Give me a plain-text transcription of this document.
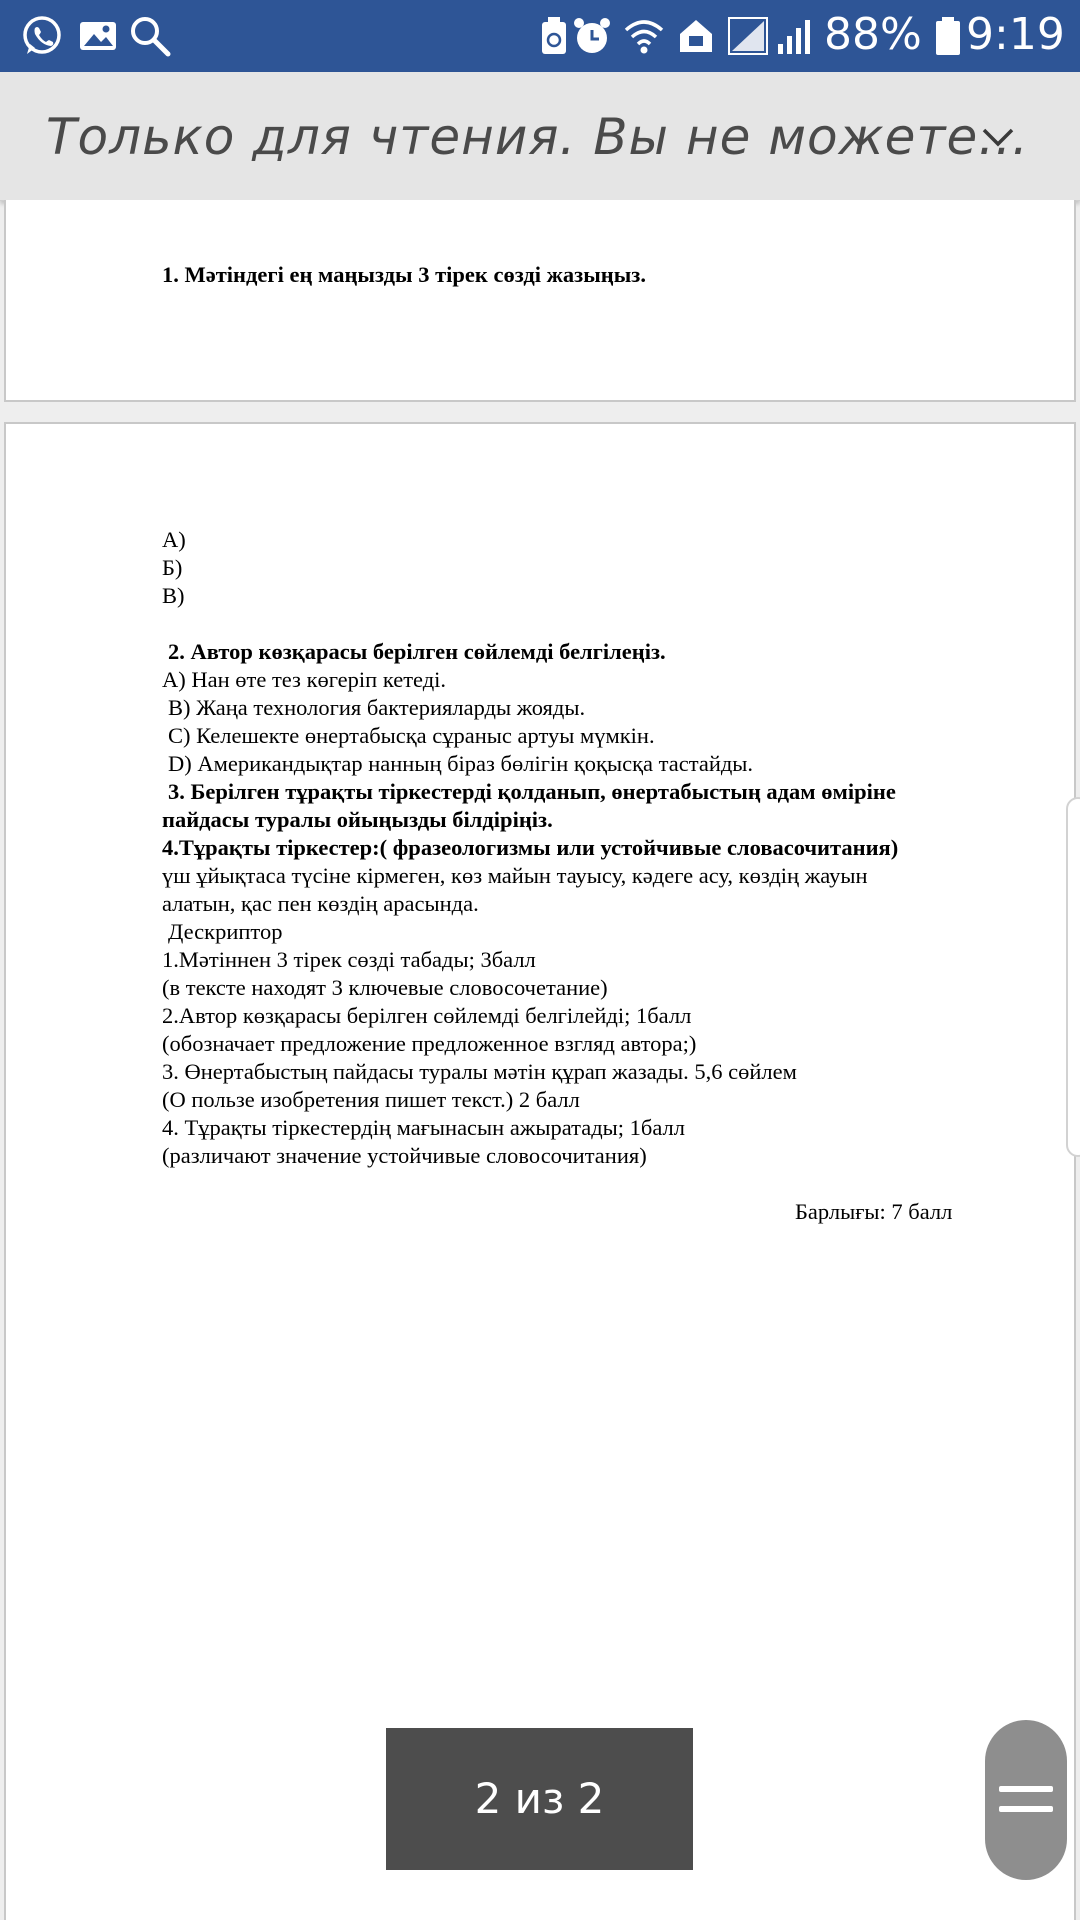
88% 9:19
Только для чтения. Вы не можете...
1. Мәтіндегі ең маңызды 3 тірек сөзді жазыңыз.
А)
Б)
В)
2. Автор көзқарасы берілген сөйлемді белгілеңіз.
А) Нан өте тез көгеріп кетеді.
В) Жаңа технология бактерияларды жояды.
С) Келешекте өнертабысқа сұраныс артуы мүмкін.
D) Американдықтар нанның біраз бөлігін қоқысқа тастайды.
3. Берілген тұрақты тіркестерді қолданып, өнертабыстың адам өміріне
пайдасы туралы ойыңызды білдіріңіз.
4.Тұрақты тіркестер:( фразеологизмы или устойчивые словасочитания)
үш ұйықтаса түсіне кірмеген, көз майын тауысу, кәдеге асу, көздің жауын
алатын, қас пен көздің арасында.
Дескриптор
1.Мәтіннен 3 тірек сөзді табады; 3балл
(в тексте находят 3 ключевые словосочетание)
2.Автор көзқарасы берілген сөйлемді белгілейді; 1балл
(обозначает предложение предложенное взгляд автора;)
3. Өнертабыстың пайдасы туралы мәтін құрап жазады. 5,6 сөйлем
(О пользе изобретения пишет текст.) 2 балл
4. Тұрақты тіркестердің мағынасын ажыратады; 1балл
(различают значение устойчивые словосочитания)
Барлығы: 7 балл
2 из 2
